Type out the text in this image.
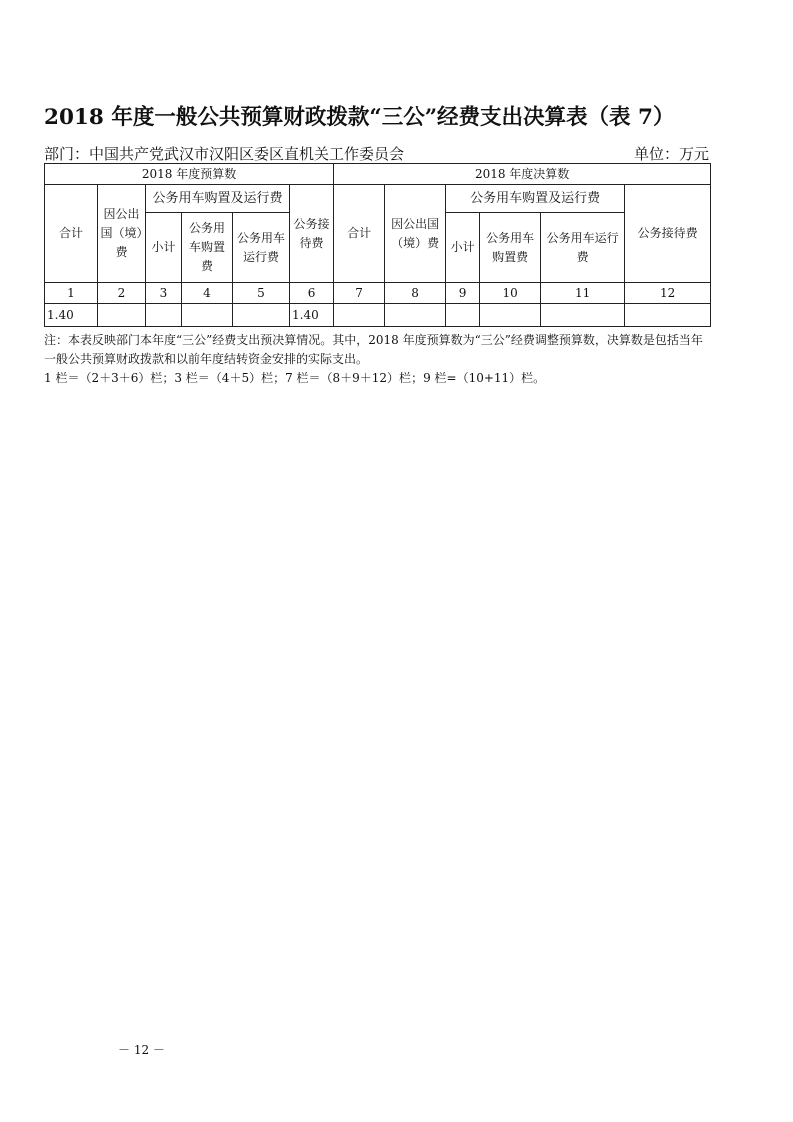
2018 年度一般公共预算财政拨款“三公”经费支出决算表（表 7）
部门：中国共产党武汉市汉阳区委区直机关工作委员会	单位：万元
2018 年度预算数						2018 年度决算数					
合计	因公出国（境）费	公务用车购置及运行费			公务接待费	合计	因公出国（境）费	公务用车购置及运行费			公务接待费
		小计	公务用车购置费	公务用车运行费				小计	公务用车购置费	公务用车运行费	
1	2	3	4	5	6	7	8	9	10	11	12
1.40					1.40						

注：本表反映部门本年度“三公”经费支出预决算情况。其中，2018 年度预算数为“三公”经费调整预算数，决算数是包括当年一般公共预算财政拨款和以前年度结转资金安排的实际支出。

1 栏＝（2＋3＋6）栏；3 栏＝（4＋5）栏；7 栏＝（8＋9＋12）栏；9 栏=（10+11）栏。

－ 12 －
